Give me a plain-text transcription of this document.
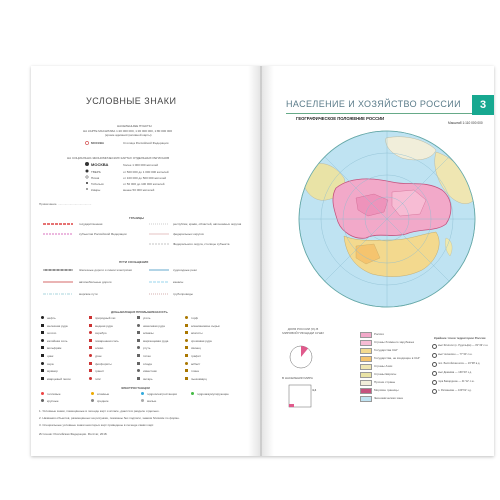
УСЛОВНЫЕ ЗНАКИ
НАСЕЛЕННЫЕ ПУНКТЫ
НА КАРТЕ МАСШТАБА 1:20 000 000, 1:30 000 000, 1:80 000 000
(кроме административной карты)
МОСКВА	Столица Российской Федерации
НА СОЦИАЛЬНО-ЭКОНОМИЧЕСКИХ КАРТАХ ОТДЕЛЬНЫХ РЕГИОНОВ
МОСКВА	более 1 000 000 жителей
ТВЕРЬ	от 500 000 до 1 000 000 жителей
Псков	от 100 000 до 500 000 жителей
Тобольск	от 50 000 до 100 000 жителей
Кимры	менее 50 000 жителей
Примечание. ........................................
ГРАНИЦЫ
государственная
субъектов Российской Федерации
республик, краёв, областей, автономных округов
федеральных округов
Федерального округа, столицы субъекта
ПУТИ СООБЩЕНИЯ
Железные дороги и линии электрички
автомобильные дороги
морские пути
судоходные реки
каналы
трубопроводы
ДОБЫВАЮЩАЯ ПРОМЫШЛЕННОСТЬ
нефть	природный газ	уголь	торф
железная руда	медная руда	никелевая руда	алюминиевое сырьё
золото	серебро	алмазы	апатиты
калийная соль	поваренная соль	марганцевая руда	хромовая руда
вольфрам	олово	ртуть	свинец
цинк	уран	титан	графит
сера	фосфориты	слюда	асбест
мрамор	гранит	известняк	глина
кварцевый песок	гипс	янтарь	пьезокварц
ЭЛЕКТРОСТАНЦИИ
тепловые	атомные	гидроэлектростанции	гидроаккумулирующие
крупные	средние	малые
1. Условные знаки, помещённые в легенде карт и атласе, даются в разделе отдельно.
2. Названия объектов, размещённых на рисунках, показаны без подписи, знаком близким по форме.
3. Специальные условные знаки некоторых карт приведены в легенде самих карт.
Источник: Российская Федерация. Росстат, 2018.
НАСЕЛЕНИЕ И ХОЗЯЙСТВО РОССИИ	3
ГЕОГРАФИЧЕСКОЕ ПОЛОЖЕНИЕ РОССИИ
Масштаб 1:110 000 000
ДОЛЯ РОССИИ (%) В МИРОВОЙ ПЛОЩАДИ СУШИ
В НАСЕЛЕНИИ МИРА
4,4
Россия
Страны ближнего зарубежья
Государства СНГ
Государства, не входящие в СНГ
Страны Азии
Страны Европы
Прочие страны
Морские границы
Экономическая зона
Крайние точки территории России
мыс Флигели (о. Рудольфа) — 81°49′ с.ш.
мыс Челюскин — 77°43′ с.ш.
пос. Балтийская коса — 19°38′ в.д.
мыс Дежнёва — 169°40′ з.д.
гора Базардюзю — 41°12′ с.ш.
о. Ратманова — 169°02′ з.д.
